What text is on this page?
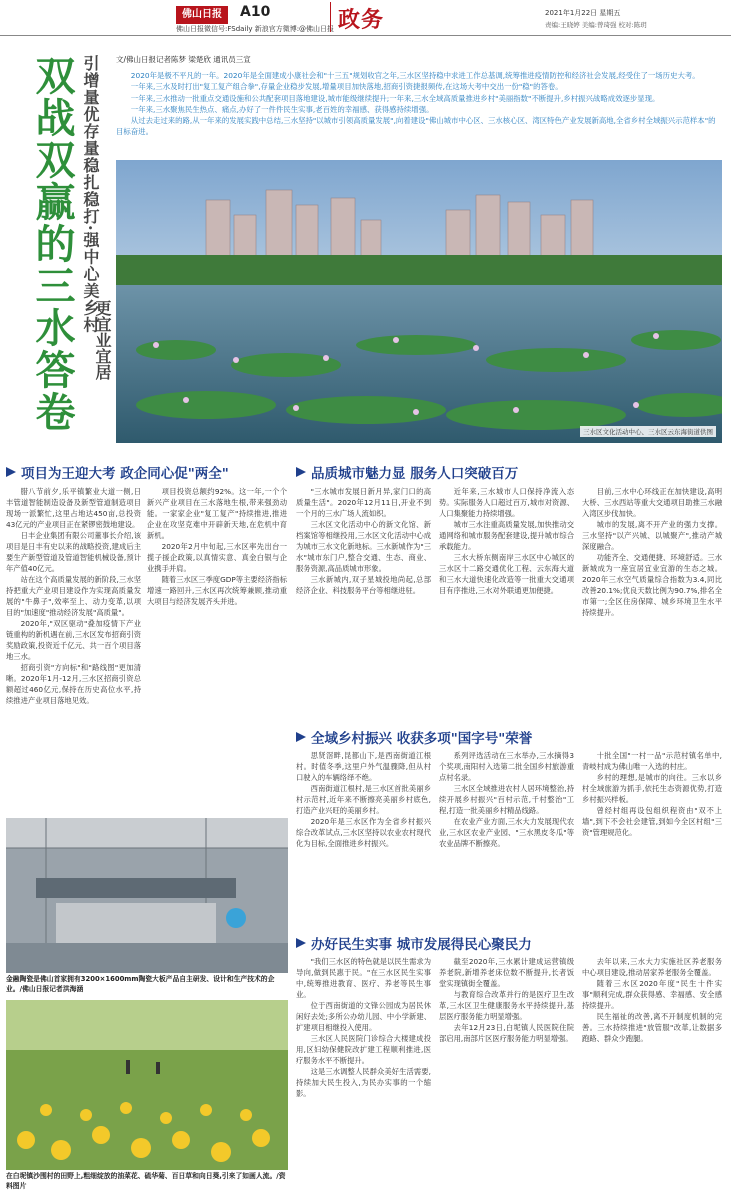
佛山日报	A10
佛山日报微信号:FSdaily 新浪官方微博:@佛山日报 政务	2021年1月22日 星期五
责编:王晓婷 美编:曾琦强 校对:陈玥
双战双赢的三水答卷 引增量优存量稳扎稳打·强中心美乡村
更宜业宜居
文/佛山日报记者陈梦 梁楚欣 通讯员三宣

2020年是极不平凡的一年。2020年是全面建成小康社会和"十三五"规划收官之年,三水区坚持稳中求进工作总基调,统筹推进疫情防控和经济社会发展,经受住了一场历史大考。

一年来,三水及时打出"复工复产组合拳",存量企业稳步发展,增量项目加快落地,招商引资捷报频传,在这场大考中交出一份"稳"的答卷。

一年来,三水推动一批重点交通设施和公共配套项目落地建设,城市能级继续提升;一年来,三水全域高质量推进乡村"美丽指数"不断提升,乡村振兴战略成效逐步显现。

一年来,三水聚焦民生热点、痛点,办好了一件件民生实事,老百姓的幸福感、获得感持续增强。

从过去走过来的路,从一年来的发展实践中总结,三水坚持"以城市引领高质量发展",向着建设"佛山城市中心区、三水核心区、湾区特色产业发展新高地,全省乡村全域振兴示范样本"的目标奋进。

三水区文化活动中心、三水区云东海街道供图
项目为王迎大考 政企同心促"两全"

腊八节前夕,乐平镇繁业大道一侧,日丰管道智能制造设备及新型管道制造项目现场一派繁忙,这里占地达450亩,总投资43亿元的产业项目正在紧锣密鼓地建设。

日丰企业集团有限公司董事长介绍,该项目是日丰有史以来的战略投资,建成后主要生产新型管道及管道智能机械设备,预计年产值40亿元。

站在这个高质量发展的新阶段,三水坚持把重大产业项目建设作为实现高质量发展的"牛鼻子",效率至上、动力变革,以项目的"加速度"推动经济发展"高质量"。

2020年,"双区驱动"叠加疫情下产业链重构的新机遇在前,三水区发布招商引资奖励政策,投资近千亿元、共一百个项目落地三水。

招商引资"方向标"和"路线图"更加清晰。2020年1月-12月,三水区招商引资总额超过460亿元,保持在历史高位水平,持续推进产业项目落地见效。

项目投资总额约92%。这一年,一个个新兴产业项目在三水落地生根,带来强劲动能。一家家企业"复工复产"持续推进,推进企业在攻坚克难中开辟新天地,在危机中育新机。

2020年2月中旬起,三水区率先出台一揽子援企政策,以真情实意、真金白银与企业携手并肩。

随着三水区三季度GDP等主要经济指标增速一路回升,三水区再次统筹兼顾,推动重大项目与经济发展齐头并进。

金融陶瓷是佛山首家拥有3200×1600mm陶瓷大板产品自主研发、设计和生产技术的企业。/佛山日报记者洪海涵
在白坭镇沙围村的田野上,粗细绽放的油菜花、硫华菊、百日草和向日葵,引来了如画人流。/资料图片
品质城市魅力显 服务人口突破百万

"三水城市发展日新月异,家门口的高质量生活"。2020年12月11日,开业不到一个月的三水广场人流如织。

三水区文化活动中心的新文化馆、新档案馆等相继投用,三水区文化活动中心成为城市三水文化新地标。三水新城作为"三水"城市东门户,整合交通、生态、商业、服务资源,高品质城市形象。

三水新城内,双子星城投地尚起,总部经济企业、科技服务平台等相继进驻。

近年来,三水城市人口保持净流入态势。实际服务人口超过百万,城市对资源、人口集聚能力持续增强。

城市三水注重高质量发展,加快推动交通网络和城市服务配套建设,提升城市综合承载能力。

三水大桥东侧南岸三水区中心城区的三水区十二路交通优化工程、云东海大道和三水大道快速化改造等一批重大交通项目有序推进,三水对外联通更加便捷。

目前,三水中心环线正在加快建设,高明大桥、三水西站等重大交通项目助推三水融入湾区步伐加快。

城市的发展,离不开产业的强力支撑。三水坚持"以产兴城、以城聚产",推动产城深度融合。

功能齐全、交通便捷、环境舒适。三水新城成为一座宜居宜业宜游的生态之城。2020年三水空气质量综合指数为3.4,同比改善20.1%;优良天数比例为90.7%,排名全市第一;全区住房保障、城乡环境卫生水平持续提升。

全域乡村振兴 收获多项"国字号"荣誉

思贤滘畔,昆都山下,是西南街道江根村。时值冬季,这里户外气温骤降,但从村口驶入的车辆络绎不绝。

西南街道江根村,是三水区首批美丽乡村示范村,近年来不断擦亮美丽乡村底色,打造产业兴旺的美丽乡村。

2020年是三水区作为全省乡村振兴综合改革试点,三水区坚持以农业农村现代化为目标,全面推进乡村振兴。

系列评选活动在三水举办,三水摘得3个奖项,南阳村入选第二批全国乡村旅游重点村名录。

三水区全域推进农村人居环境整治,持续开展乡村振兴"百村示范,千村整治"工程,打造一批美丽乡村精品线路。

在农业产业方面,三水大力发展现代农业,三水区农业产业园、"三水黑皮冬瓜"等农业品牌不断擦亮。

十批全国"一村一品"示范村镇名单中,青岐村成为佛山唯一入选的村庄。

乡村的理想,是城市的向往。三水以乡村全域旅游为抓手,依托生态资源优势,打造乡村振兴样板。

曾经村组再设包组织程资由"双不上墙",到下不会社会建管,到如今全区村组"三资"管理规范化。

办好民生实事 城市发展得民心聚民力

"我们三水区的特色就是以民生需求为导向,做到民惠于民。"在三水区民生实事中,统筹推进教育、医疗、养老等民生事业。

位于西南街道的文锋公园成为居民休闲好去处;多所公办幼儿园、中小学新建、扩建项目相继投入使用。

三水区人民医院门诊综合大楼建成投用,区妇幼保健院改扩建工程顺利推进,医疗服务水平不断提升。

这是三水调整人民群众美好生活需要,持续加大民生投入,为民办实事的一个缩影。

截至2020年,三水累计建成运营镇级养老院,新增养老床位数不断提升,长者饭堂实现镇街全覆盖。

与教育综合改革并行的是医疗卫生改革,三水区卫生健康服务水平持续提升,基层医疗服务能力明显增强。

去年12月23日,白坭镇人民医院住院部启用,南部片区医疗服务能力明显增强。

去年以来,三水大力实施社区养老服务中心项目建设,推动居家养老服务全覆盖。

随着三水区2020年度"民生十件实事"顺利完成,群众获得感、幸福感、安全感持续提升。

民生福祉的改善,离不开制度机制的完善。三水持续推进"放管服"改革,让数据多跑路、群众少跑腿。
